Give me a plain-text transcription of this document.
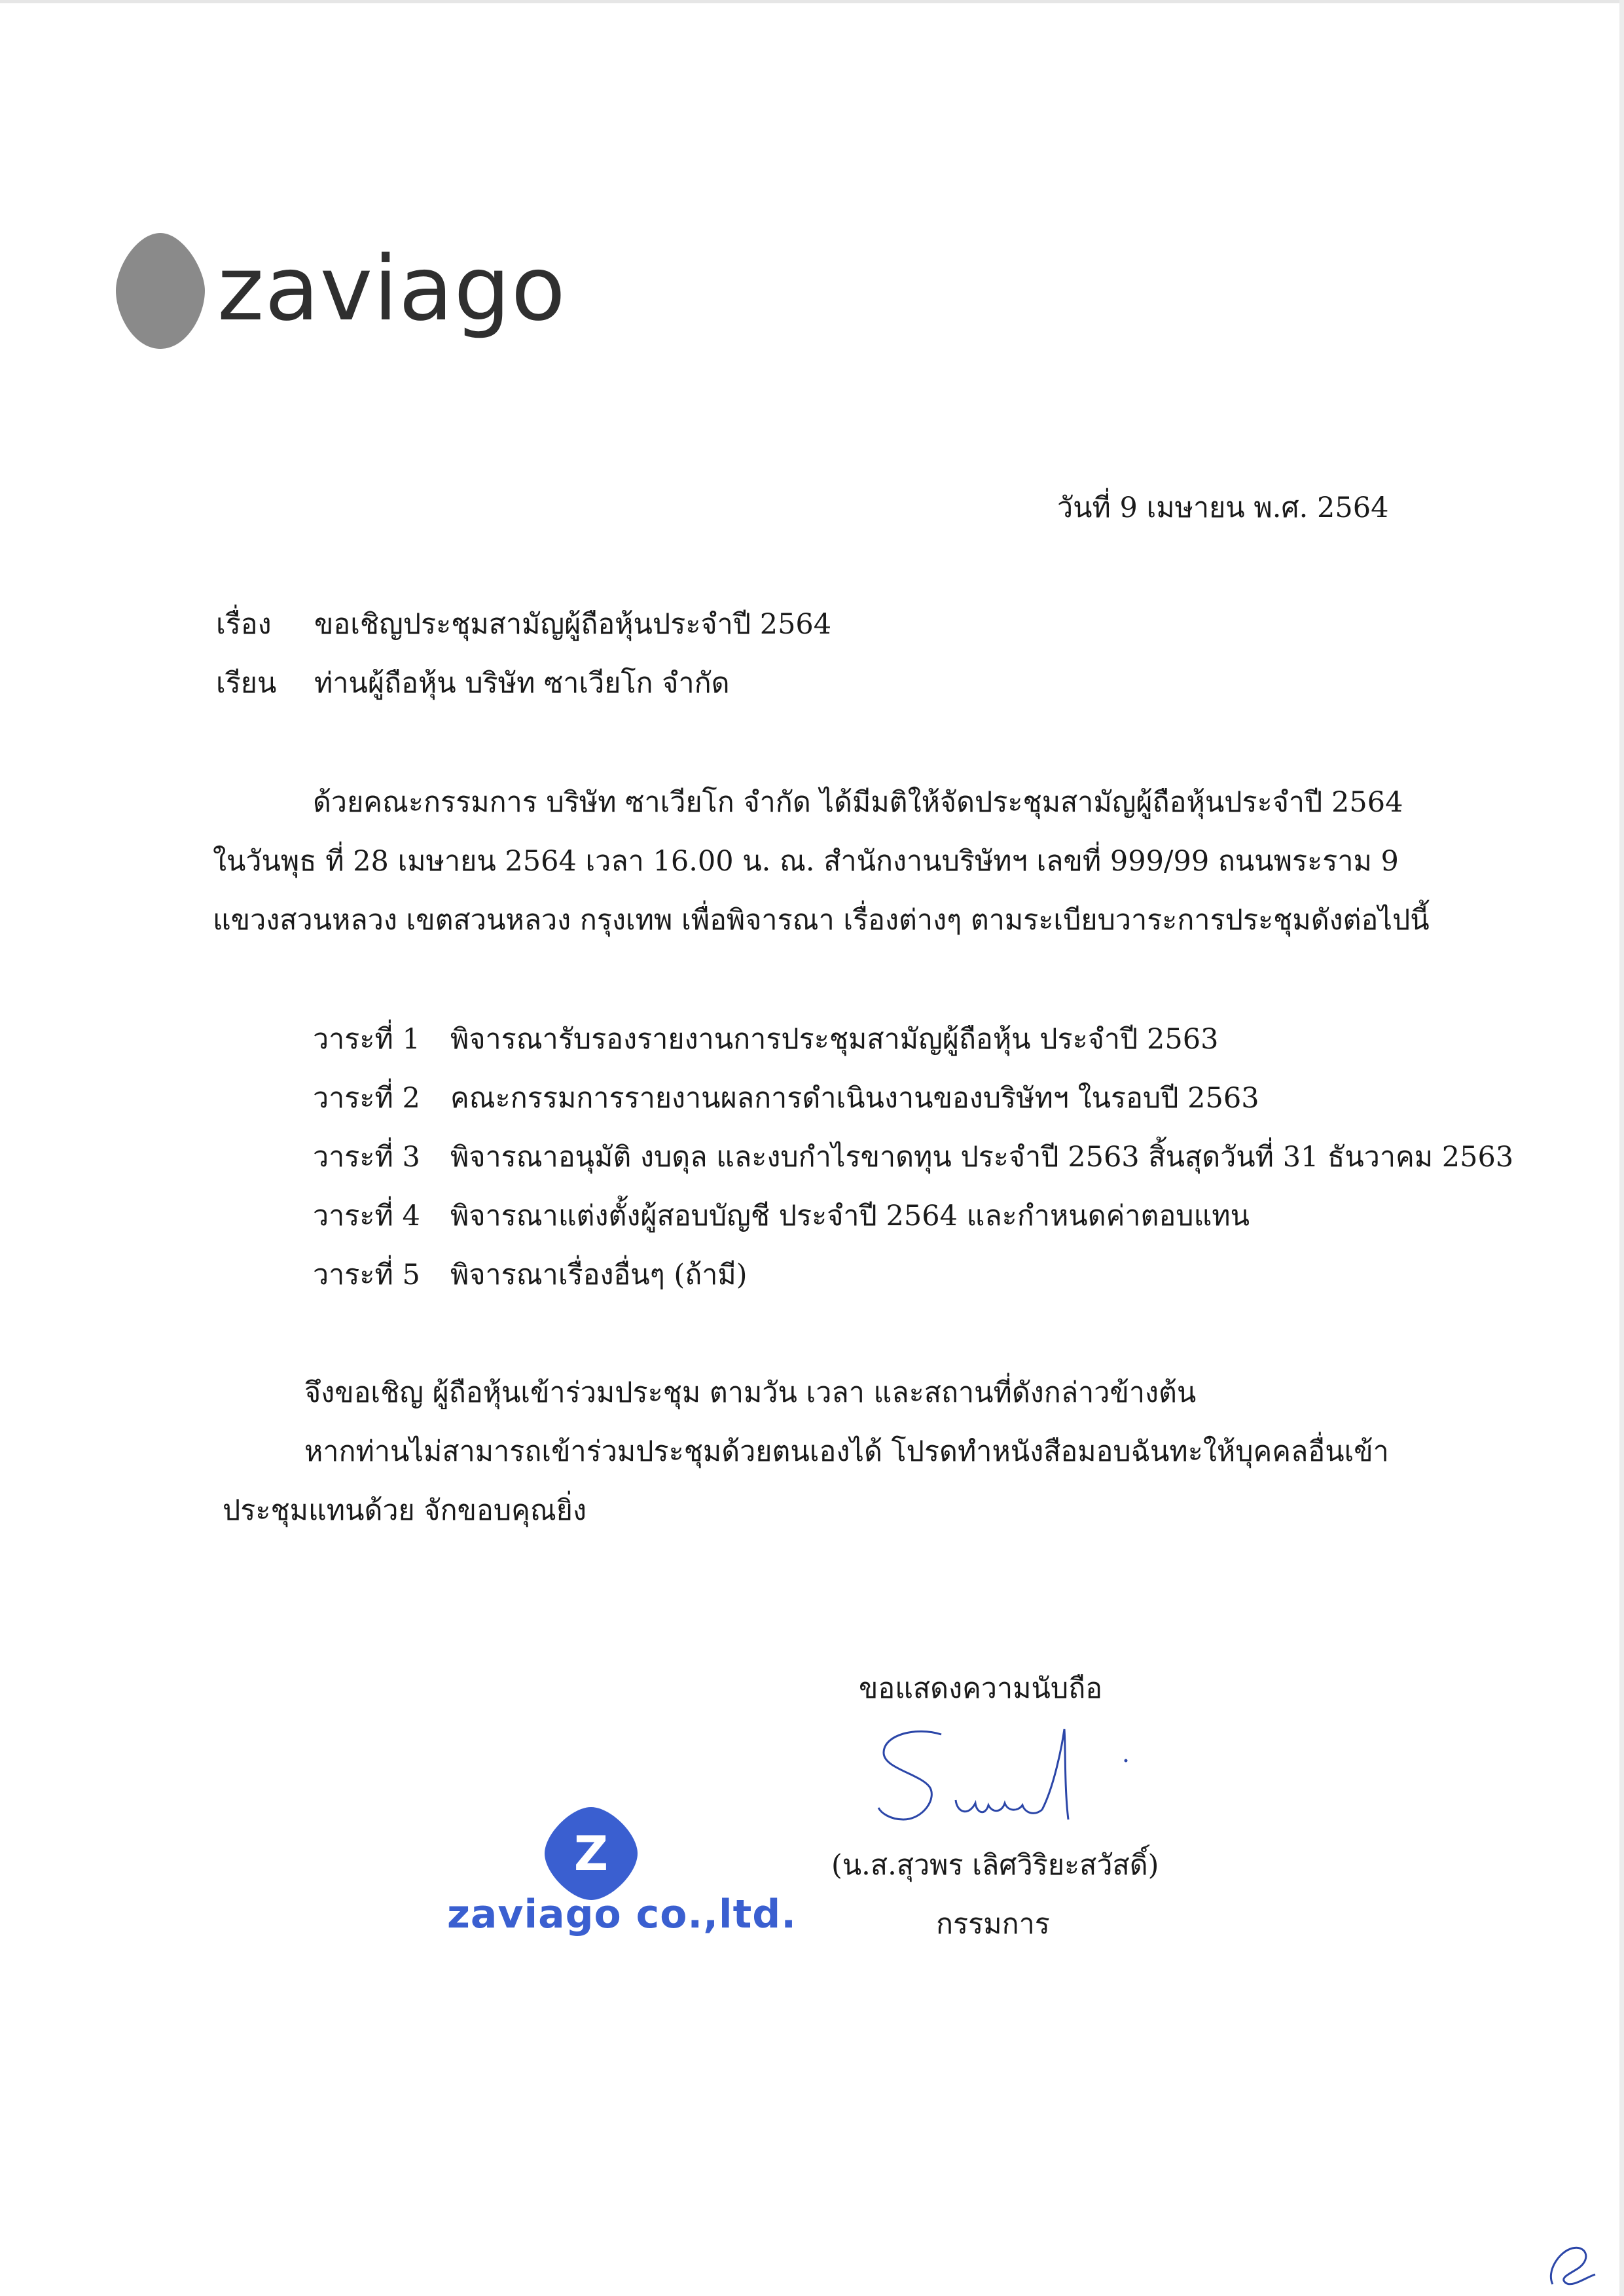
zaviago
วันที่ 9 เมษายน พ.ศ. 2564
เรื่อง	ขอเชิญประชุมสามัญผู้ถือหุ้นประจำปี 2564
เรียน	ท่านผู้ถือหุ้น บริษัท ซาเวียโก จำกัด
ด้วยคณะกรรมการ บริษัท ซาเวียโก จำกัด ได้มีมติให้จัดประชุมสามัญผู้ถือหุ้นประจำปี 2564
ในวันพุธ ที่ 28 เมษายน 2564 เวลา 16.00 น. ณ. สำนักงานบริษัทฯ เลขที่ 999/99 ถนนพระราม 9
แขวงสวนหลวง เขตสวนหลวง กรุงเทพ เพื่อพิจารณา เรื่องต่างๆ ตามระเบียบวาระการประชุมดังต่อไปนี้
วาระที่ 1	พิจารณารับรองรายงานการประชุมสามัญผู้ถือหุ้น ประจำปี 2563
วาระที่ 2	คณะกรรมการรายงานผลการดำเนินงานของบริษัทฯ ในรอบปี 2563
วาระที่ 3	พิจารณาอนุมัติ งบดุล และงบกำไรขาดทุน ประจำปี 2563 สิ้นสุดวันที่ 31 ธันวาคม 2563
วาระที่ 4	พิจารณาแต่งตั้งผู้สอบบัญชี ประจำปี 2564 และกำหนดค่าตอบแทน
วาระที่ 5	พิจารณาเรื่องอื่นๆ (ถ้ามี)
จึงขอเชิญ ผู้ถือหุ้นเข้าร่วมประชุม ตามวัน เวลา และสถานที่ดังกล่าวข้างต้น
หากท่านไม่สามารถเข้าร่วมประชุมด้วยตนเองได้ โปรดทำหนังสือมอบฉันทะให้บุคคลอื่นเข้า
ประชุมแทนด้วย จักขอบคุณยิ่ง
ขอแสดงความนับถือ
(น.ส.สุวพร เลิศวิริยะสวัสดิ์)
กรรมการ
Z
zaviago co.,ltd.
